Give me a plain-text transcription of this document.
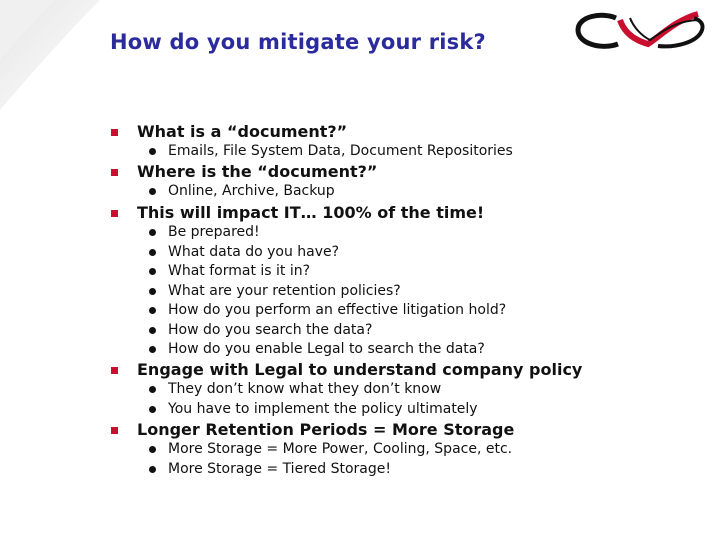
How do you mitigate your risk?
What is a “document?”
Emails, File System Data, Document Repositories
Where is the “document?”
Online, Archive, Backup
This will impact IT… 100% of the time!
Be prepared!
What data do you have?
What format is it in?
What are your retention policies?
How do you perform an effective litigation hold?
How do you search the data?
How do you enable Legal to search the data?
Engage with Legal to understand company policy
They don’t know what they don’t know
You have to implement the policy ultimately
Longer Retention Periods = More Storage
More Storage = More Power, Cooling, Space, etc.
More Storage = Tiered Storage!
